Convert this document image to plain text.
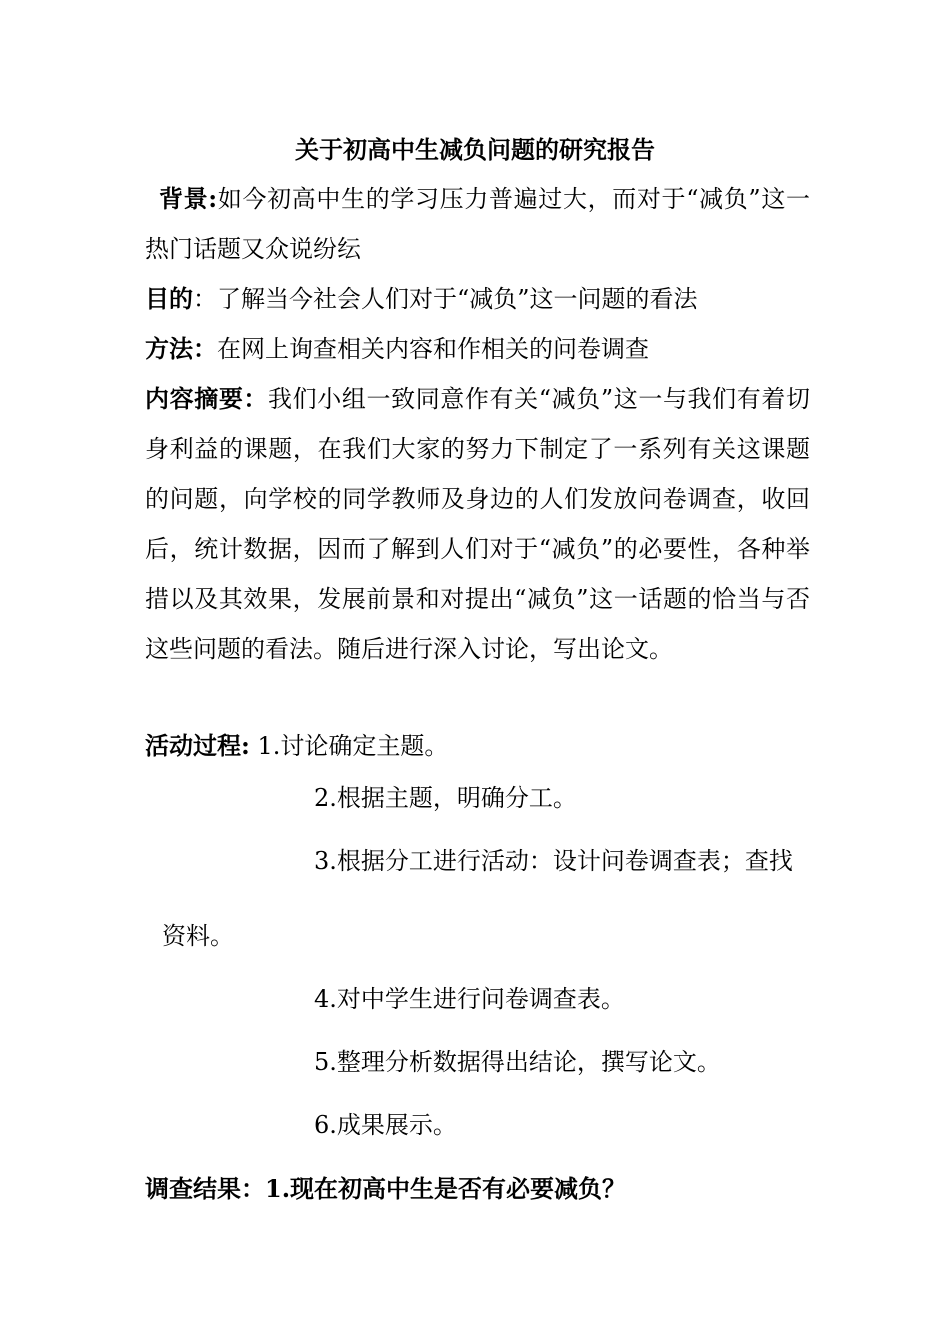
关于初高中生减负问题的研究报告
背景:如今初高中生的学习压力普遍过大，而对于“减负”这一热门话题又众说纷纭
目的：了解当今社会人们对于“减负”这一问题的看法
方法：在网上询查相关内容和作相关的问卷调查
内容摘要：我们小组一致同意作有关“减负”这一与我们有着切身利益的课题，在我们大家的努力下制定了一系列有关这课题的问题，向学校的同学教师及身边的人们发放问卷调查，收回后，统计数据，因而了解到人们对于“减负”的必要性，各种举措以及其效果，发展前景和对提出“减负”这一话题的恰当与否这些问题的看法。随后进行深入讨论，写出论文。
活动过程: 1.讨论确定主题。
2.根据主题，明确分工。
3.根据分工进行活动：设计问卷调查表；查找
资料。
4.对中学生进行问卷调查表。
5.整理分析数据得出结论，撰写论文。
6.成果展示。
调查结果：1.现在初高中生是否有必要减负？
